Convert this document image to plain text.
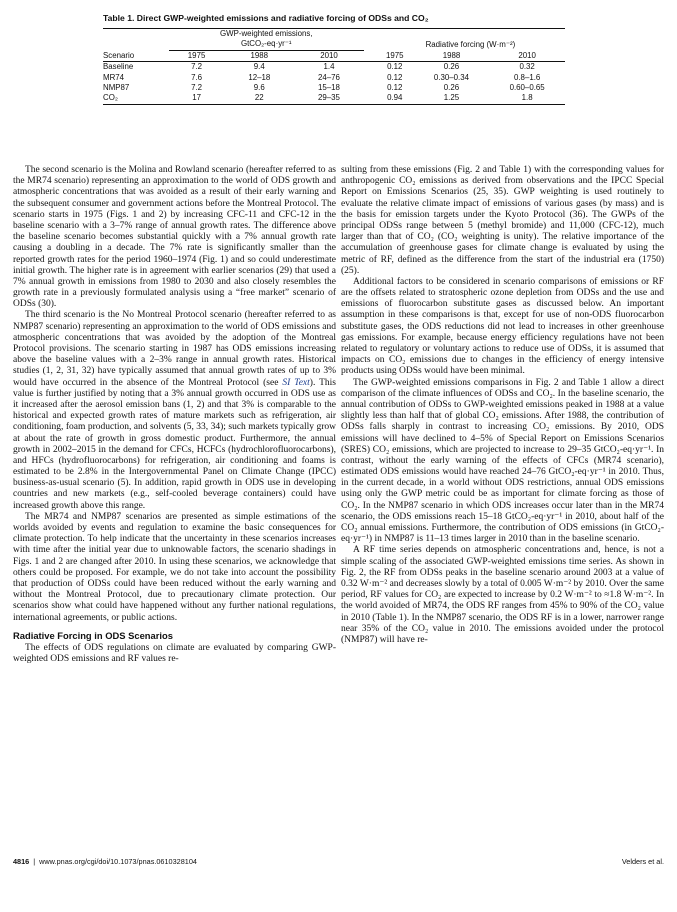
Table 1. Direct GWP-weighted emissions and radiative forcing of ODSs and CO₂
	GWP-weighted emissions,				Radiative forcing (W·m⁻²)		
	GtCO₂-eq·yr⁻¹						
Scenario	1975	1988	2010		1975	1988	2010
Baseline	7.2	9.4	1.4		0.12	0.26	0.32
MR74	7.6	12–18	24–76		0.12	0.30–0.34	0.8–1.6
NMP87	7.2	9.6	15–18		0.12	0.26	0.60–0.65
CO₂	17	22	29–35		0.94	1.25	1.8

The second scenario is the Molina and Rowland scenario (hereafter referred to as the MR74 scenario) representing an approximation to the world of ODS growth and atmospheric concentrations that was avoided as a result of their early warning and the subsequent consumer and government actions before the Montreal Protocol. The scenario starts in 1975 (Figs. 1 and 2) by increasing CFC-11 and CFC-12 in the baseline scenario with a 3–7% range of annual growth rates. The difference above the baseline scenario becomes substantial quickly with a 7% annual growth rate causing a doubling in a decade. The 7% rate is significantly smaller than the reported growth rates for the period 1960–1974 (Fig. 1) and so could underestimate initial growth. The higher rate is in agreement with earlier scenarios (29) that used a 7% annual growth in emissions from 1980 to 2030 and also closely resembles the growth rate in a previously formulated analysis using a “free market” scenario of ODSs (30).

The third scenario is the No Montreal Protocol scenario (hereafter referred to as NMP87 scenario) representing an approximation to the world of ODS emissions and atmospheric concentrations that was avoided by the adoption of the Montreal Protocol provisions. The scenario starting in 1987 has ODS emissions increasing above the baseline values with a 2–3% range in annual growth rates. Historical studies (1, 2, 31, 32) have typically assumed that annual growth rates of up to 3% would have occurred in the absence of the Montreal Protocol (see SI Text). This value is further justified by noting that a 3% annual growth occurred in ODS use as it increased after the aerosol emission bans (1, 2) and that 3% is comparable to the historical and expected growth rates of mature markets such as refrigeration, air conditioning, foam production, and solvents (5, 33, 34); such markets typically grow at about the rate of growth in gross domestic product. Furthermore, the annual growth in 2002–2015 in the demand for CFCs, HCFCs (hydrochlorofluorocarbons), and HFCs (hydrofluorocarbons) for refrigeration, air conditioning and foams is estimated to be 2.8% in the Intergovernmental Panel on Climate Change (IPCC) business-as-usual scenario (5). In addition, rapid growth in ODS use in developing countries and new markets (e.g., self-cooled beverage containers) could have increased growth above this range.

The MR74 and NMP87 scenarios are presented as simple estimations of the worlds avoided by events and regulation to examine the basic consequences for climate protection. To help indicate that the uncertainty in these scenarios increases with time after the initial year due to unknowable factors, the scenario shadings in Figs. 1 and 2 are changed after 2010. In using these scenarios, we acknowledge that others could be proposed. For example, we do not take into account the possibility that production of ODSs could have been reduced without the early warning and without the Montreal Protocol, due to precautionary climate protection. Our scenarios show what could have happened without any further national regulations, international agreements, or public actions.

Radiative Forcing in ODS Scenarios

The effects of ODS regulations on climate are evaluated by comparing GWP-weighted ODS emissions and RF values re-

sulting from these emissions (Fig. 2 and Table 1) with the corresponding values for anthropogenic CO₂ emissions as derived from observations and the IPCC Special Report on Emissions Scenarios (25, 35). GWP weighting is used routinely to evaluate the relative climate impact of emissions of various gases (by mass) and is the basis for emission targets under the Kyoto Protocol (36). The GWPs of the principal ODSs range between 5 (methyl bromide) and 11,000 (CFC-12), much larger than that of CO₂ (CO₂ weighting is unity). The relative importance of the accumulation of greenhouse gases for climate change is evaluated by using the metric of RF, defined as the difference from the start of the industrial era (1750) (25).

Additional factors to be considered in scenario comparisons of emissions or RF are the offsets related to stratospheric ozone depletion from ODSs and the use and emissions of fluorocarbon substitute gases as discussed below. An important assumption in these comparisons is that, except for use of non-ODS fluorocarbon substitute gases, the ODS reductions did not lead to increases in other greenhouse gas emissions. For example, because energy efficiency regulations have not been related to regulatory or voluntary actions to reduce use of ODSs, it is assumed that impacts on CO₂ emissions due to changes in the efficiency of energy intensive products using ODSs would have been minimal.

The GWP-weighted emissions comparisons in Fig. 2 and Table 1 allow a direct comparison of the climate influences of ODSs and CO₂. In the baseline scenario, the annual contribution of ODSs to GWP-weighted emissions peaked in 1988 at a value slightly less than half that of global CO₂ emissions. After 1988, the contribution of ODSs falls sharply in contrast to increasing CO₂ emissions. By 2010, ODS emissions will have declined to 4–5% of Special Report on Emissions Scenarios (SRES) CO₂ emissions, which are projected to increase to 29–35 GtCO₂-eq·yr⁻¹. In contrast, without the early warning of the effects of CFCs (MR74 scenario), estimated ODS emissions would have reached 24–76 GtCO₂-eq·yr⁻¹ in 2010. Thus, in the current decade, in a world without ODS restrictions, annual ODS emissions using only the GWP metric could be as important for climate forcing as those of CO₂. In the NMP87 scenario in which ODS increases occur later than in the MR74 scenario, the ODS emissions reach 15–18 GtCO₂-eq·yr⁻¹ in 2010, about half of the CO₂ annual emissions. Furthermore, the contribution of ODS emissions (in GtCO₂-eq·yr⁻¹) in NMP87 is 11–13 times larger in 2010 than in the baseline scenario.

A RF time series depends on atmospheric concentrations and, hence, is not a simple scaling of the associated GWP-weighted emissions time series. As shown in Fig. 2, the RF from ODSs peaks in the baseline scenario around 2003 at a value of 0.32 W·m⁻² and decreases slowly by a total of 0.005 W·m⁻² by 2010. Over the same period, RF values for CO₂ are expected to increase by 0.2 W·m⁻² to ≈1.8 W·m⁻². In the world avoided of MR74, the ODS RF ranges from 45% to 90% of the CO₂ value in 2010 (Table 1). In the NMP87 scenario, the ODS RF is in a lower, narrower range near 35% of the CO₂ value in 2010. The emissions avoided under the protocol (NMP87) will have re-

4816 | www.pnas.org/cgi/doi/10.1073/pnas.0610328104	Velders et al.
